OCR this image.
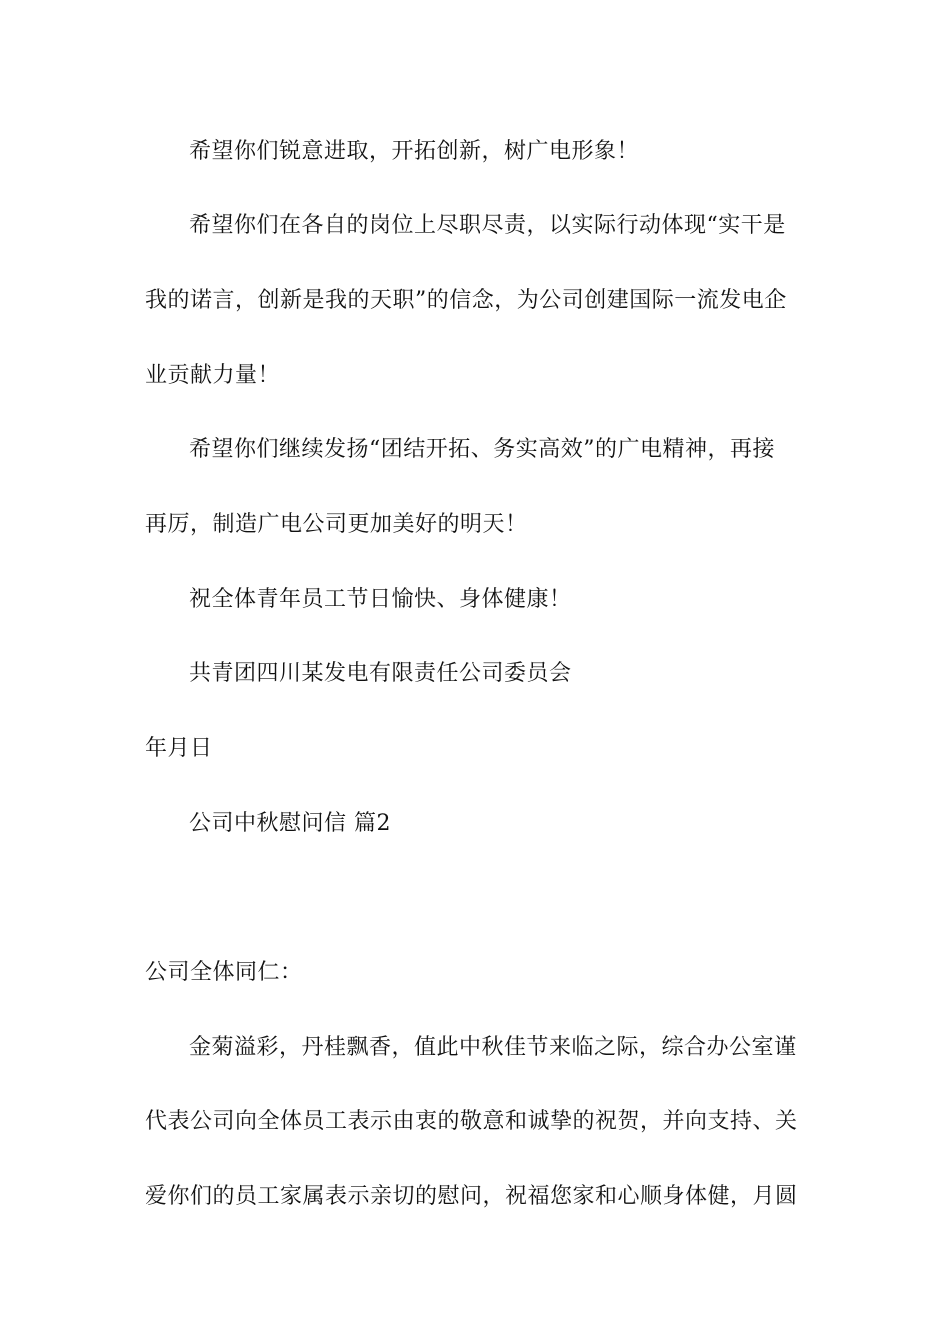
希望你们锐意进取，开拓创新，树广电形象！
希望你们在各自的岗位上尽职尽责，以实际行动体现“实干是
我的诺言，创新是我的天职”的信念，为公司创建国际一流发电企
业贡献力量！
希望你们继续发扬“团结开拓、务实高效”的广电精神，再接
再厉，制造广电公司更加美好的明天！
祝全体青年员工节日愉快、身体健康！
共青团四川某发电有限责任公司委员会
年月日
公司中秋慰问信 篇2
公司全体同仁：
金菊溢彩，丹桂飘香，值此中秋佳节来临之际，综合办公室谨
代表公司向全体员工表示由衷的敬意和诚挚的祝贺，并向支持、关
爱你们的员工家属表示亲切的慰问，祝福您家和心顺身体健，月圆
